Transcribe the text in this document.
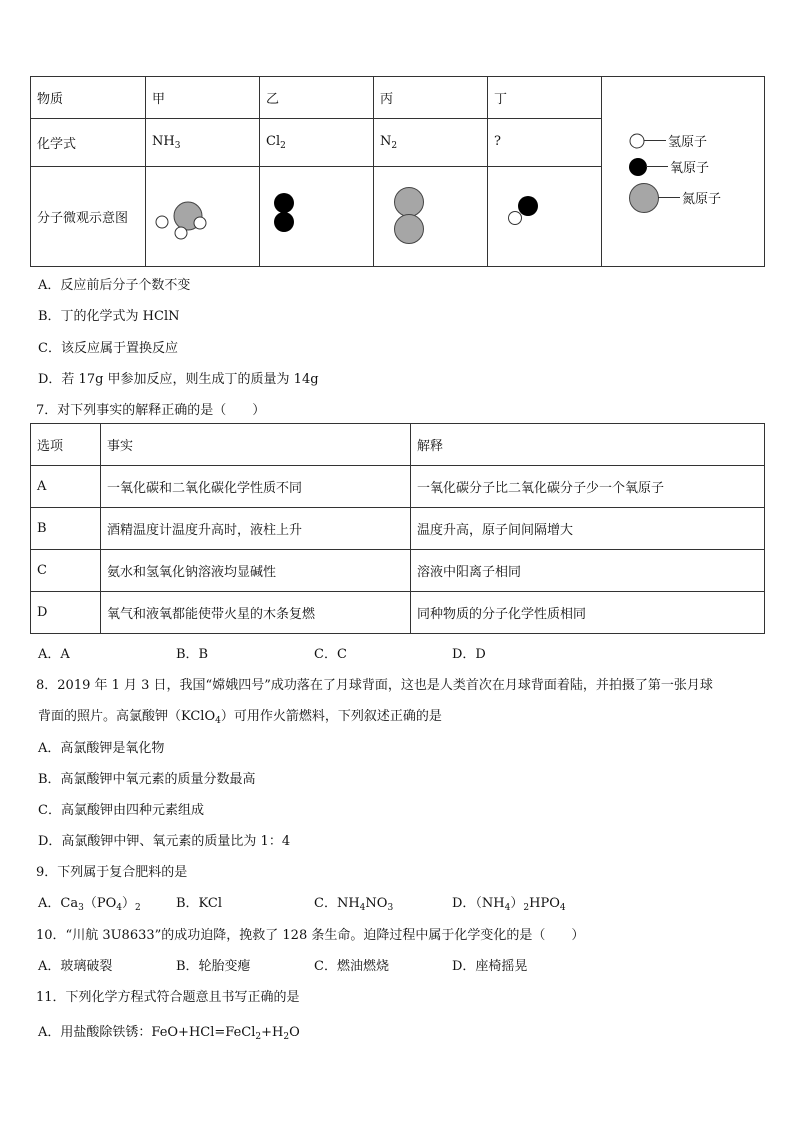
物质	甲	乙	丙	丁	氢原子
氧原子
氮原子

化学式	$NH_3$	$Cl_2$	$N_2$	?	
分子微观示意图				
A．反应前后分子个数不变
B．丁的化学式为 HClN
C．该反应属于置换反应
D．若 17g 甲参加反应，则生成丁的质量为 14g
7．对下列事实的解释正确的是（　　）
选项	事实	解释
A	一氧化碳和二氧化碳化学性质不同	一氧化碳分子比二氧化碳分子少一个氧原子
B	酒精温度计温度升高时，液柱上升	温度升高，原子间间隔增大
C	氨水和氢氧化钠溶液均显碱性	溶液中阳离子相同
D	氧气和液氧都能使带火星的木条复燃	同种物质的分子化学性质相同
A．A	B．B	C．C	D．D
8．2019 年 1 月 3 日，我国“嫦娥四号”成功落在了月球背面，这也是人类首次在月球背面着陆，并拍摄了第一张月球
背面的照片。高氯酸钾（KClO$_4$）可用作火箭燃料，下列叙述正确的是
A．高氯酸钾是氧化物
B．高氯酸钾中氧元素的质量分数最高
C．高氯酸钾由四种元素组成
D．高氯酸钾中钾、氧元素的质量比为 1：4
9．下列属于复合肥料的是
A．$Ca_3(PO_4)_2$	B．KCl	C．$NH_4NO_3$	D．$(NH_4)_2HPO_4$
10．“川航 3U8633”的成功迫降，挽救了 128 条生命。迫降过程中属于化学变化的是（　　）
A．玻璃破裂	B．轮胎变瘪	C．燃油燃烧	D．座椅摇晃
11．下列化学方程式符合题意且书写正确的是
A．用盐酸除铁锈：$FeO+HCl=FeCl_2+H_2O$
